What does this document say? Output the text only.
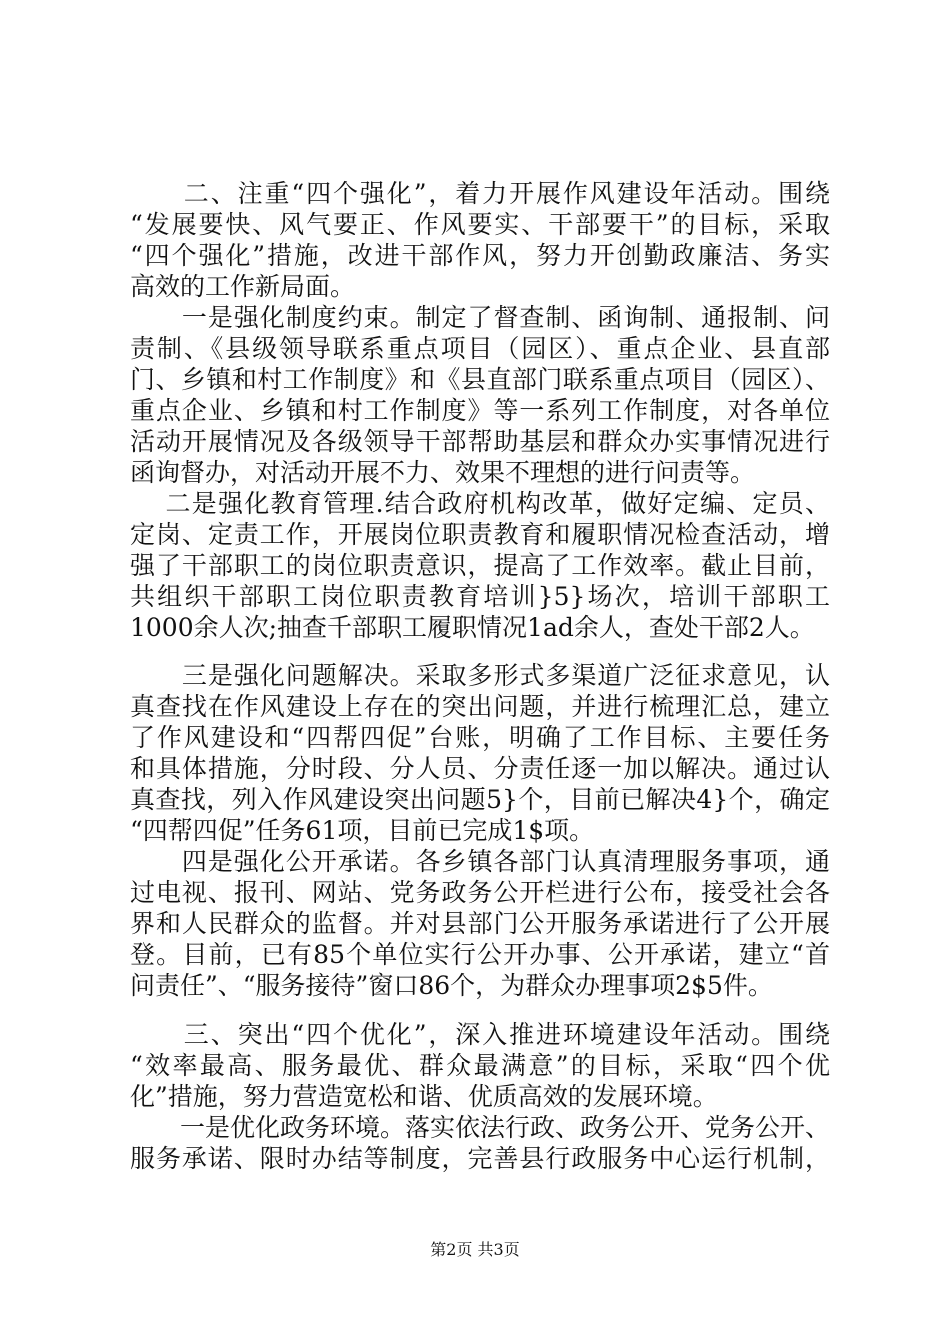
　　二、注重“四个强化”，着力开展作风建设年活动。围绕
“发展要快、风气要正、作风要实、干部要干”的目标，采取
“四个强化”措施，改进干部作风，努力开创勤政廉洁、务实
高效的工作新局面。
　　一是强化制度约束。制定了督查制、函询制、通报制、问
责制、《县级领导联系重点项目（园区）、重点企业、县直部
门、乡镇和村工作制度》和《县直部门联系重点项目（园区）、
重点企业、乡镇和村工作制度》等一系列工作制度，对各单位
活动开展情况及各级领导干部帮助基层和群众办实事情况进行
函询督办，对活动开展不力、效果不理想的进行问责等。
　 二是强化教育管理.结合政府机构改革，做好定编、定员、
定岗、定责工作，开展岗位职责教育和履职情况检查活动，增
强了干部职工的岗位职责意识，提高了工作效率。截止目前，
共组织干部职工岗位职责教育培训}5}场次，培训干部职工
1000余人次;抽查千部职工履职情况1ad余人，查处干部2人。
　　三是强化问题解决。采取多形式多渠道广泛征求意见，认
真查找在作风建设上存在的突出问题，并进行梳理汇总，建立
了作风建设和“四帮四促”台账，明确了工作目标、主要任务
和具体措施，分时段、分人员、分责任逐一加以解决。通过认
真查找，列入作风建设突出问题5}个，目前已解决4}个，确定
“四帮四促”任务61项，目前已完成1$项。
　　四是强化公开承诺。各乡镇各部门认真清理服务事项，通
过电视、报刊、网站、党务政务公开栏进行公布，接受社会各
界和人民群众的监督。并对县部门公开服务承诺进行了公开展
登。目前，已有85个单位实行公开办事、公开承诺，建立“首
问责任”、“服务接待”窗口86个，为群众办理事项2$5件。
　　三、突出“四个优化”，深入推进环境建设年活动。围绕
“效率最高、服务最优、群众最满意”的目标，采取“四个优
化”措施，努力营造宽松和谐、优质高效的发展环境。
　　一是优化政务环境。落实依法行政、政务公开、党务公开、
服务承诺、限时办结等制度，完善县行政服务中心运行机制，
第2页 共3页
